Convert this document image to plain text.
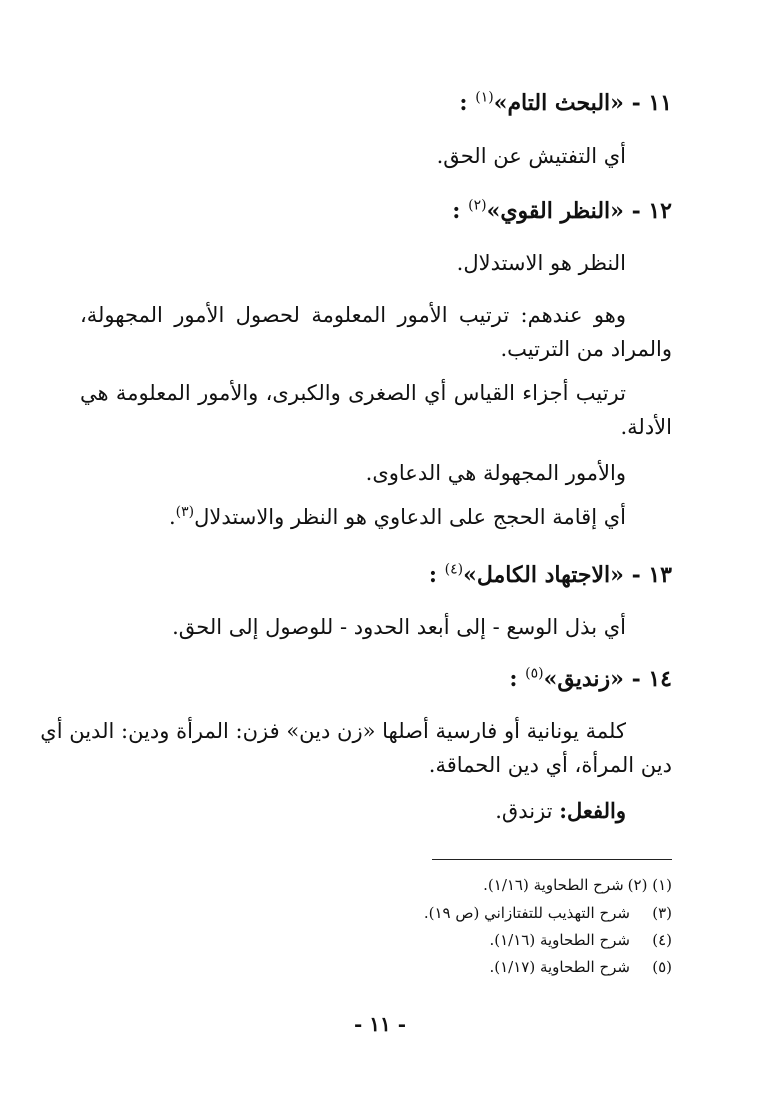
١١ - «البحث التام»$^{(١)}$ :
أي التفتيش عن الحق.
١٢ - «النظر القوي»$^{(٢)}$ :
النظر هو الاستدلال.
وهو عندهم: ترتيب الأمور المعلومة لحصول الأمور المجهولة،
والمراد من الترتيب.
ترتيب أجزاء القياس أي الصغرى والكبرى، والأمور المعلومة هي
الأدلة.
والأمور المجهولة هي الدعاوى.
أي إقامة الحجج على الدعاوي هو النظر والاستدلال$^{(٣)}$.
١٣ - «الاجتهاد الكامل»$^{(٤)}$ :
أي بذل الوسع - إلى أبعد الحدود - للوصول إلى الحق.
١٤ - «زنديق»$^{(٥)}$ :
كلمة يونانية أو فارسية أصلها «زن دين» فزن: المرأة ودين: الدين أي
دين المرأة، أي دين الحماقة.
والفعل: تزندق.
(١) (٢)شرح الطحاوية (١/١٦).
(٣)شرح التهذيب للتفتازاني (ص ١٩).
(٤)شرح الطحاوية (١/١٦).
(٥)شرح الطحاوية (١/١٧).
- ١١ -
